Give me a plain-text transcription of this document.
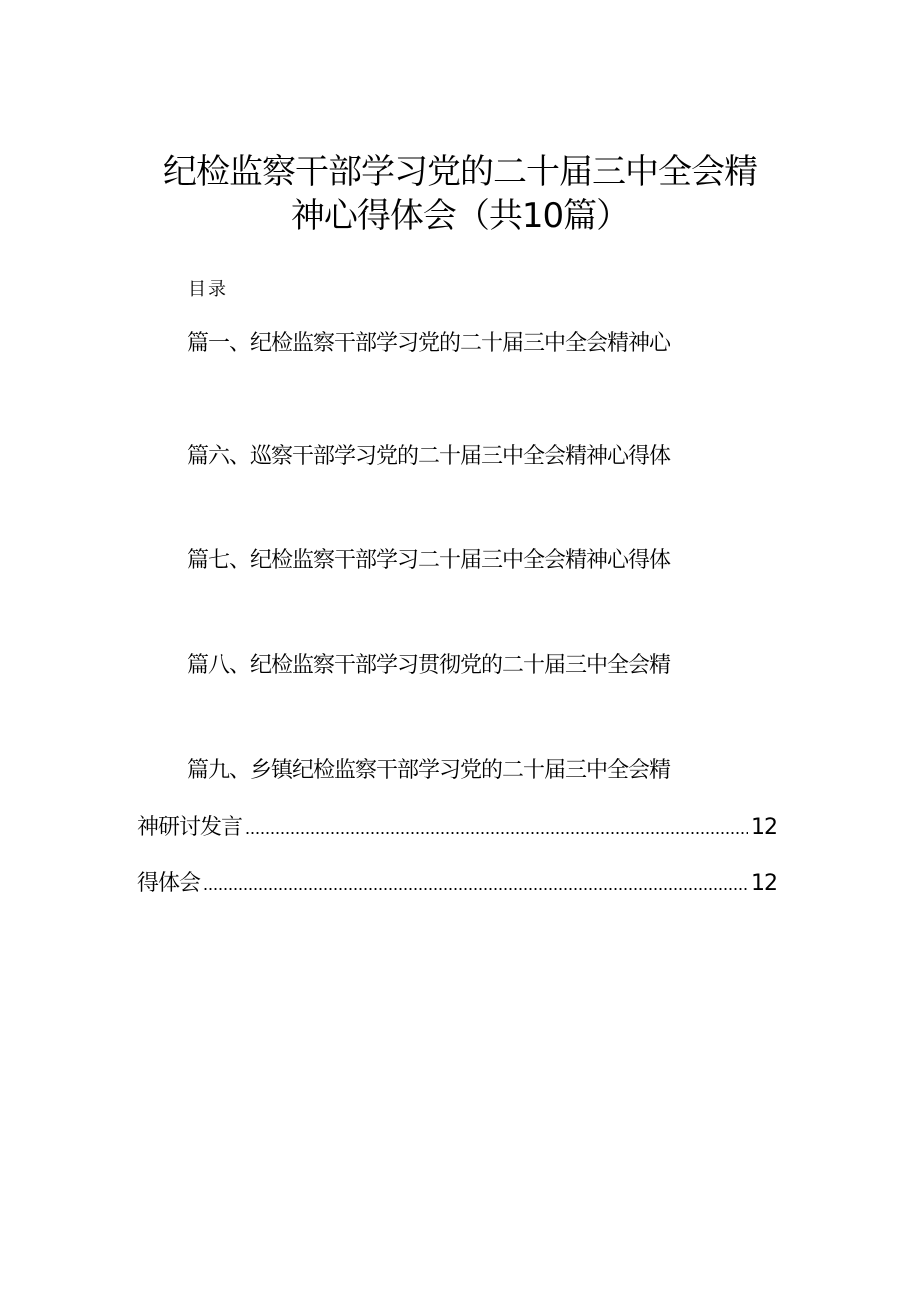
纪检监察干部学习党的二十届三中全会精
神心得体会（共10篇）
目录
篇一、纪检监察干部学习党的二十届三中全会精神心
篇六、巡察干部学习党的二十届三中全会精神心得体
篇七、纪检监察干部学习二十届三中全会精神心得体
篇八、纪检监察干部学习贯彻党的二十届三中全会精
篇九、乡镇纪检监察干部学习党的二十届三中全会精
神研讨发言	12
得体会	12
